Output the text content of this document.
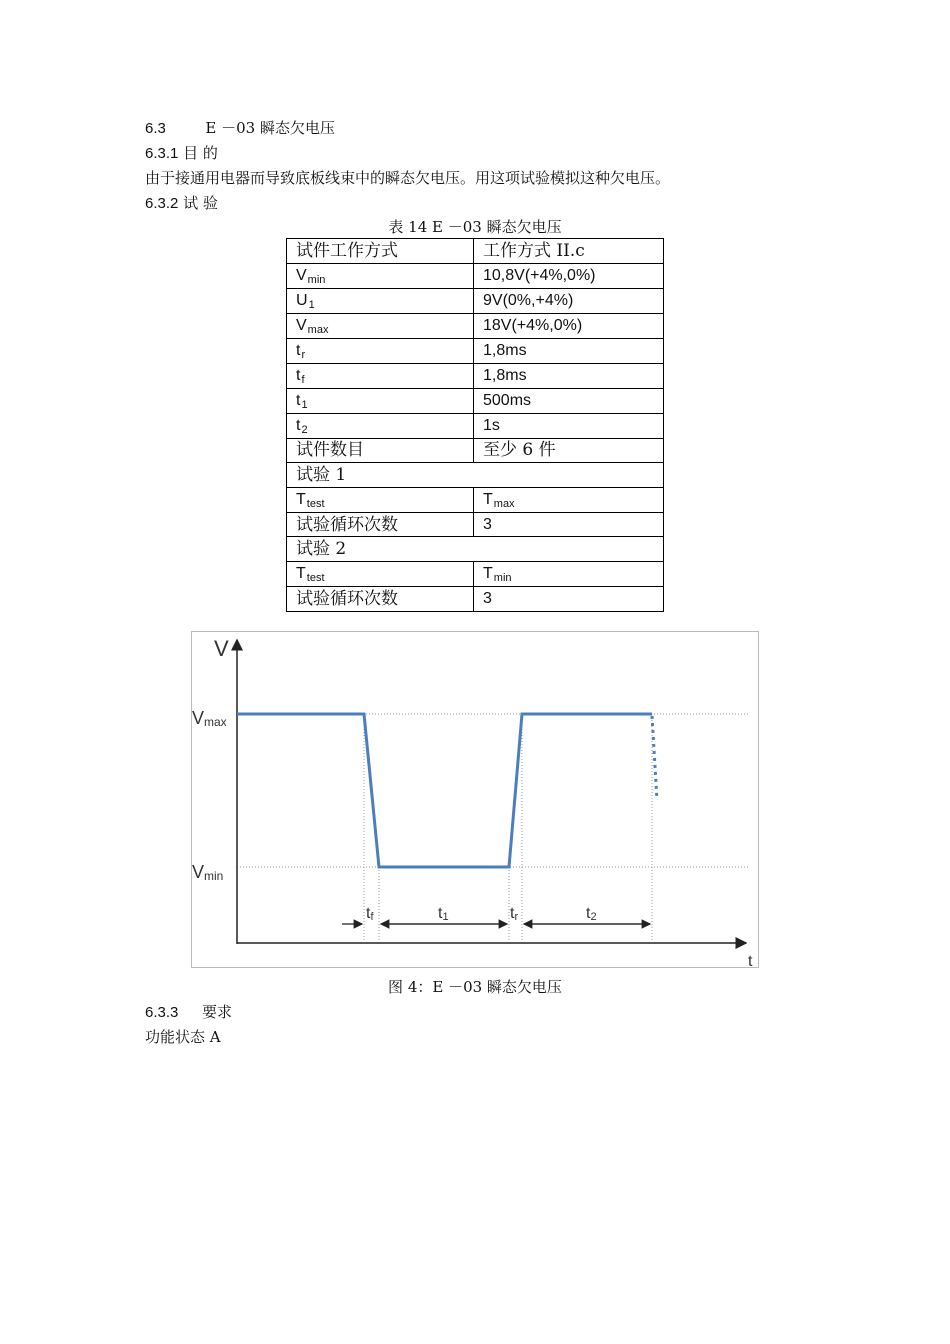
6.3	E －03 瞬态欠电压
6.3.1 目 的
由于接通用电器而导致底板线束中的瞬态欠电压。用这项试验模拟这种欠电压。
6.3.2 试 验
表 14 E －03 瞬态欠电压
试件工作方式	工作方式 II.c
$V_{min}$	10,8V(+4%,0%)
$U_1$	9V(0%,+4%)
$V_{max}$	18V(+4%,0%)
$t_r$	1,8ms
$t_f$	1,8ms
$t_1$	500ms
$t_2$	1s
试件数目	至少 6 件
试验 1	
$T_{test}$	$T_{max}$
试验循环次数	3
试验 2	
$T_{test}$	$T_{min}$
试验循环次数	3
V
t
Vmax
Vmin
tf	t1	tr	t2
图 4：E －03 瞬态欠电压
6.3.3 要求
功能状态 A
